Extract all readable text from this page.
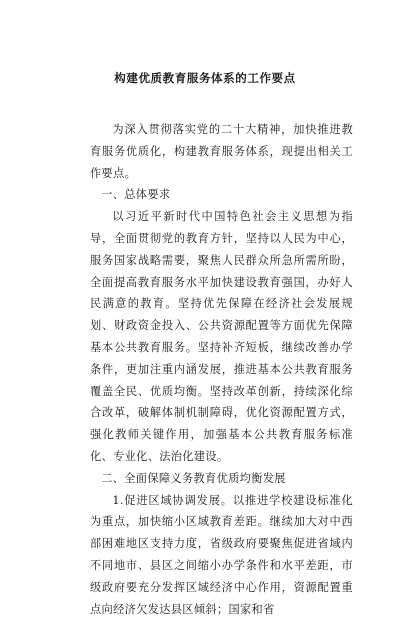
构建优质教育服务体系的工作要点

为深入贯彻落实党的二十大精神，加快推进教育服务优质化，构建教育服务体系，现提出相关工作要点。

一、总体要求

以习近平新时代中国特色社会主义思想为指导，全面贯彻党的教育方针，坚持以人民为中心，服务国家战略需要，聚焦人民群众所急所需所盼，全面提高教育服务水平加快建设教育强国，办好人民满意的教育。坚持优先保障在经济社会发展规划、财政资金投入、公共资源配置等方面优先保障基本公共教育服务。坚持补齐短板，继续改善办学条件，更加注重内涵发展，推进基本公共教育服务覆盖全民、优质均衡。坚持改革创新，持续深化综合改革，破解体制机制障碍，优化资源配置方式，强化教师关键作用，加强基本公共教育服务标准化、专业化、法治化建设。

二、全面保障义务教育优质均衡发展

1.促进区域协调发展。以推进学校建设标准化为重点，加快缩小区域教育差距。继续加大对中西部困难地区支持力度，省级政府要聚焦促进省域内不同地市、县区之间缩小办学条件和水平差距，市级政府要充分发挥区域经济中心作用，资源配置重点向经济欠发达县区倾斜；国家和省
